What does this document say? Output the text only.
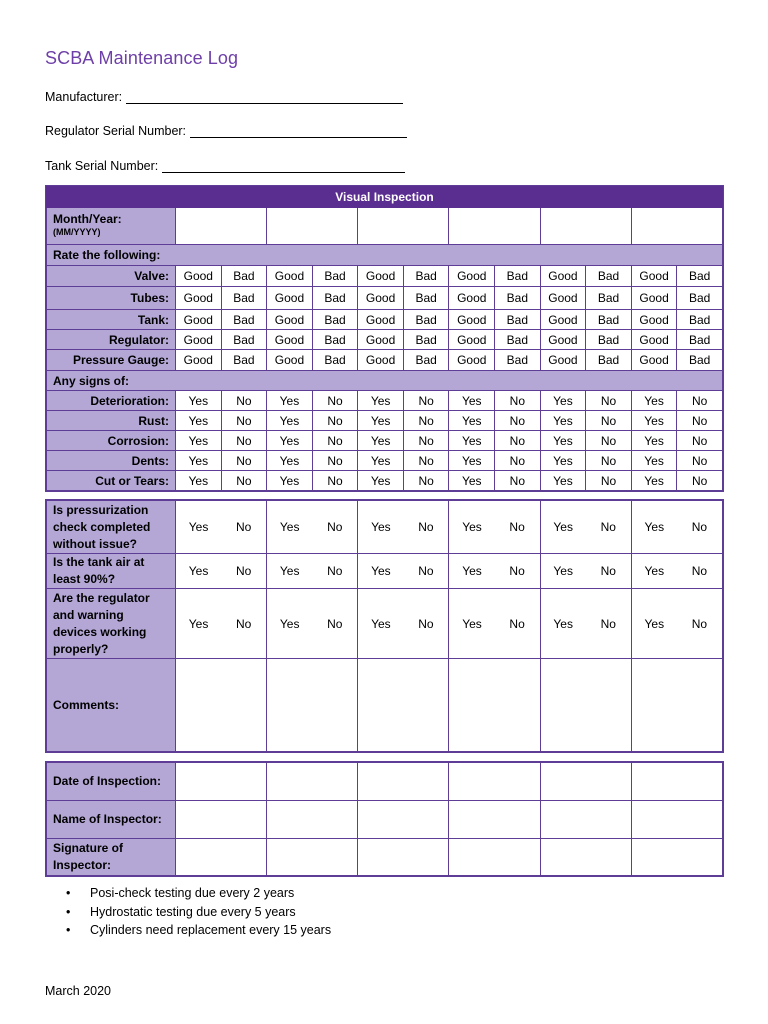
SCBA Maintenance Log
Manufacturer:
Regulator Serial Number:
Tank Serial Number:
Visual Inspection												

Month/Year:
(MM/YYYY)												

Rate the following:												
Valve:	Good	Bad	Good	Bad	Good	Bad	Good	Bad	Good	Bad	Good	Bad
Tubes:	Good	Bad	Good	Bad	Good	Bad	Good	Bad	Good	Bad	Good	Bad
Tank:	Good	Bad	Good	Bad	Good	Bad	Good	Bad	Good	Bad	Good	Bad
Regulator:	Good	Bad	Good	Bad	Good	Bad	Good	Bad	Good	Bad	Good	Bad
Pressure Gauge:	Good	Bad	Good	Bad	Good	Bad	Good	Bad	Good	Bad	Good	Bad
Any signs of:												
Deterioration:	Yes	No	Yes	No	Yes	No	Yes	No	Yes	No	Yes	No
Rust:	Yes	No	Yes	No	Yes	No	Yes	No	Yes	No	Yes	No
Corrosion:	Yes	No	Yes	No	Yes	No	Yes	No	Yes	No	Yes	No
Dents:	Yes	No	Yes	No	Yes	No	Yes	No	Yes	No	Yes	No
Cut or Tears:	Yes	No	Yes	No	Yes	No	Yes	No	Yes	No	Yes	No
Is pressurization check completed without issue?	Yes	No	Yes	No	Yes	No	Yes	No	Yes	No	Yes	No
Is the tank air at least 90%?	Yes	No	Yes	No	Yes	No	Yes	No	Yes	No	Yes	No
Are the regulator and warning devices working properly?	Yes	No	Yes	No	Yes	No	Yes	No	Yes	No	Yes	No
Comments:												
Date of Inspection:						
Name of Inspector:						
Signature of Inspector:						
• Posi-check testing due every 2 years
• Hydrostatic testing due every 5 years
• Cylinders need replacement every 15 years
March 2020
